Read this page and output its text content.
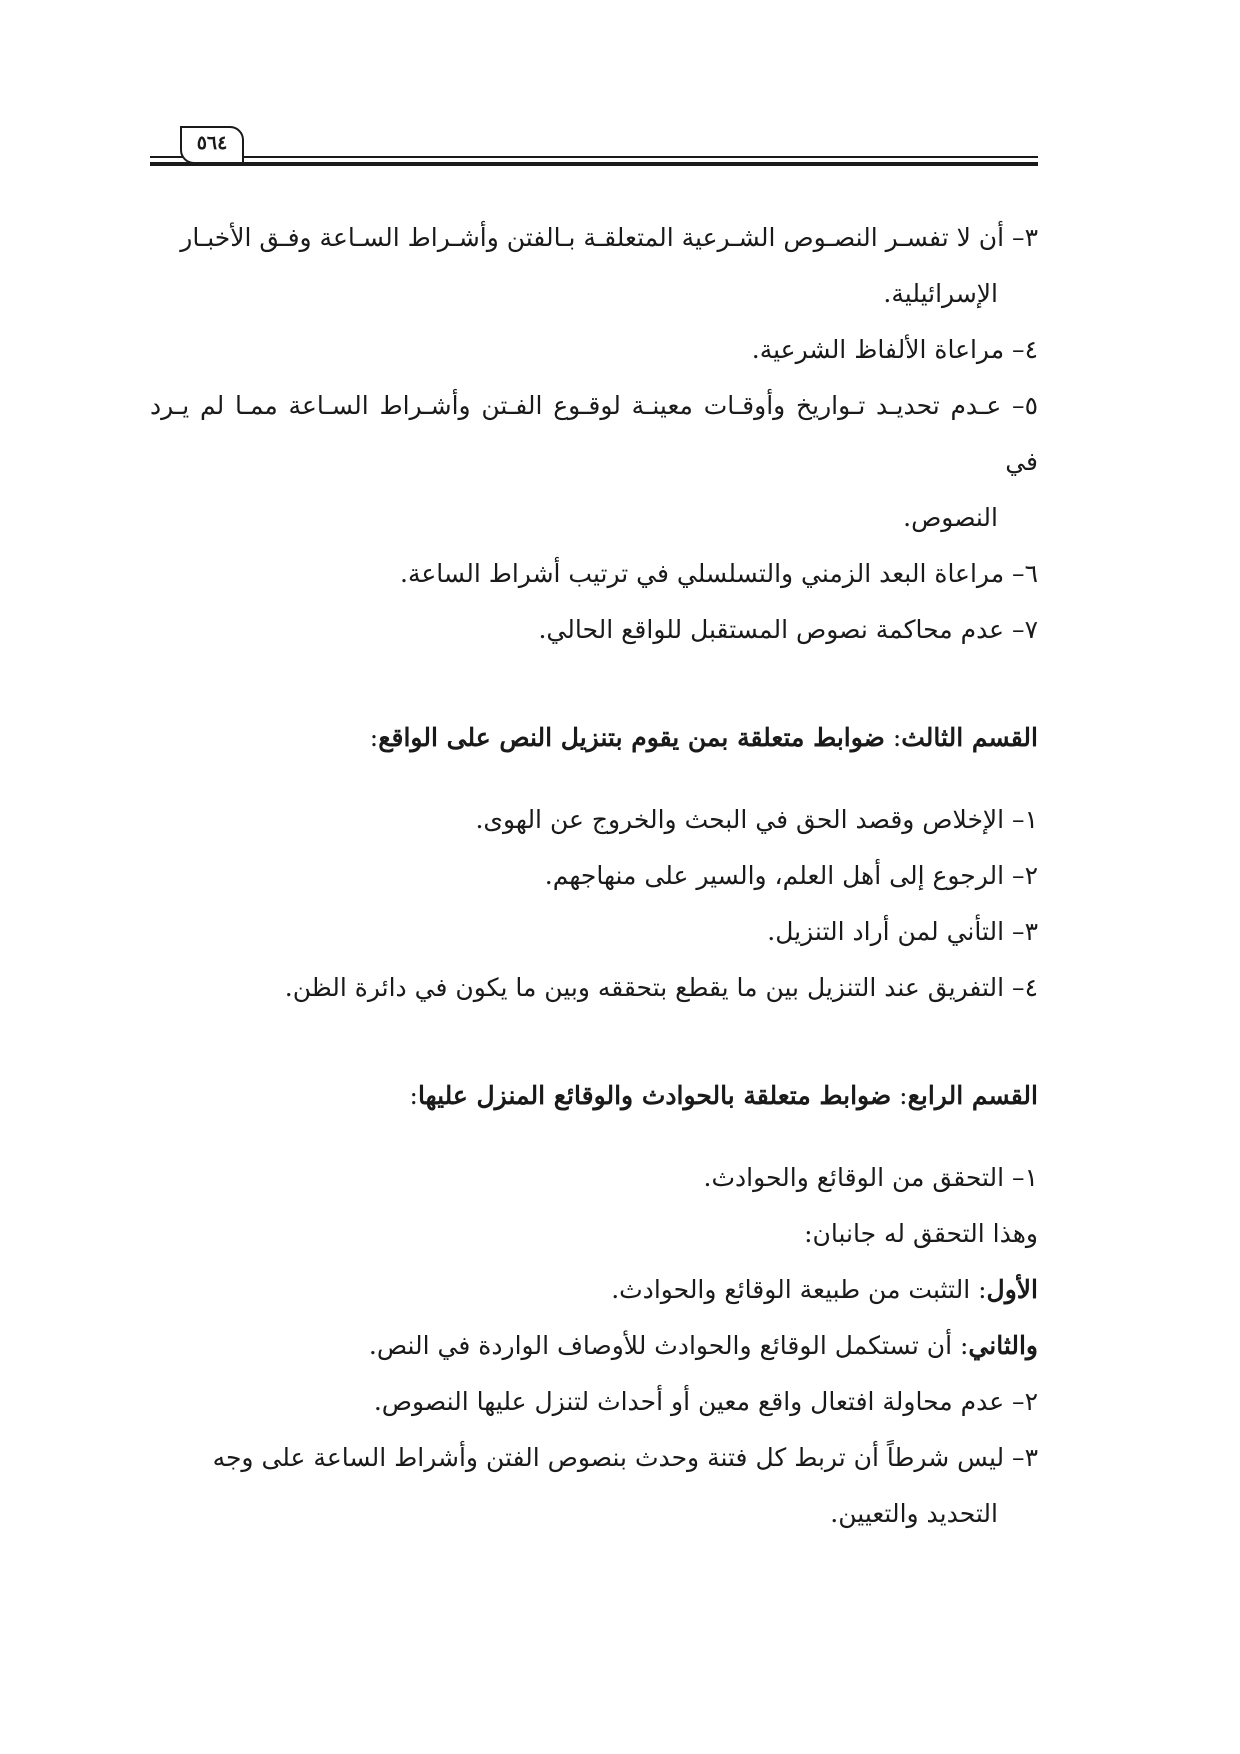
٥٦٤

٣– أن لا تفسـر النصـوص الشـرعية المتعلقـة بـالفتن وأشـراط السـاعة وفـق الأخبـار

الإسرائيلية.

٤– مراعاة الألفاظ الشرعية.

٥– عـدم تحديـد تـواريخ وأوقـات معينـة لوقـوع الفـتن وأشـراط السـاعة ممـا لم يـرد في

النصوص.

٦– مراعاة البعد الزمني والتسلسلي في ترتيب أشراط الساعة.

٧– عدم محاكمة نصوص المستقبل للواقع الحالي.

القسم الثالث: ضوابط متعلقة بمن يقوم بتنزيل النص على الواقع:

١– الإخلاص وقصد الحق في البحث والخروج عن الهوى.

٢– الرجوع إلى أهل العلم، والسير على منهاجهم.

٣– التأني لمن أراد التنزيل.

٤– التفريق عند التنزيل بين ما يقطع بتحققه وبين ما يكون في دائرة الظن.

القسم الرابع: ضوابط متعلقة بالحوادث والوقائع المنزل عليها:

١– التحقق من الوقائع والحوادث.

وهذا التحقق له جانبان:

الأول: التثبت من طبيعة الوقائع والحوادث.

والثاني: أن تستكمل الوقائع والحوادث للأوصاف الواردة في النص.

٢– عدم محاولة افتعال واقع معين أو أحداث لتنزل عليها النصوص.

٣– ليس شرطاً أن تربط كل فتنة وحدث بنصوص الفتن وأشراط الساعة على وجه

التحديد والتعيين.
